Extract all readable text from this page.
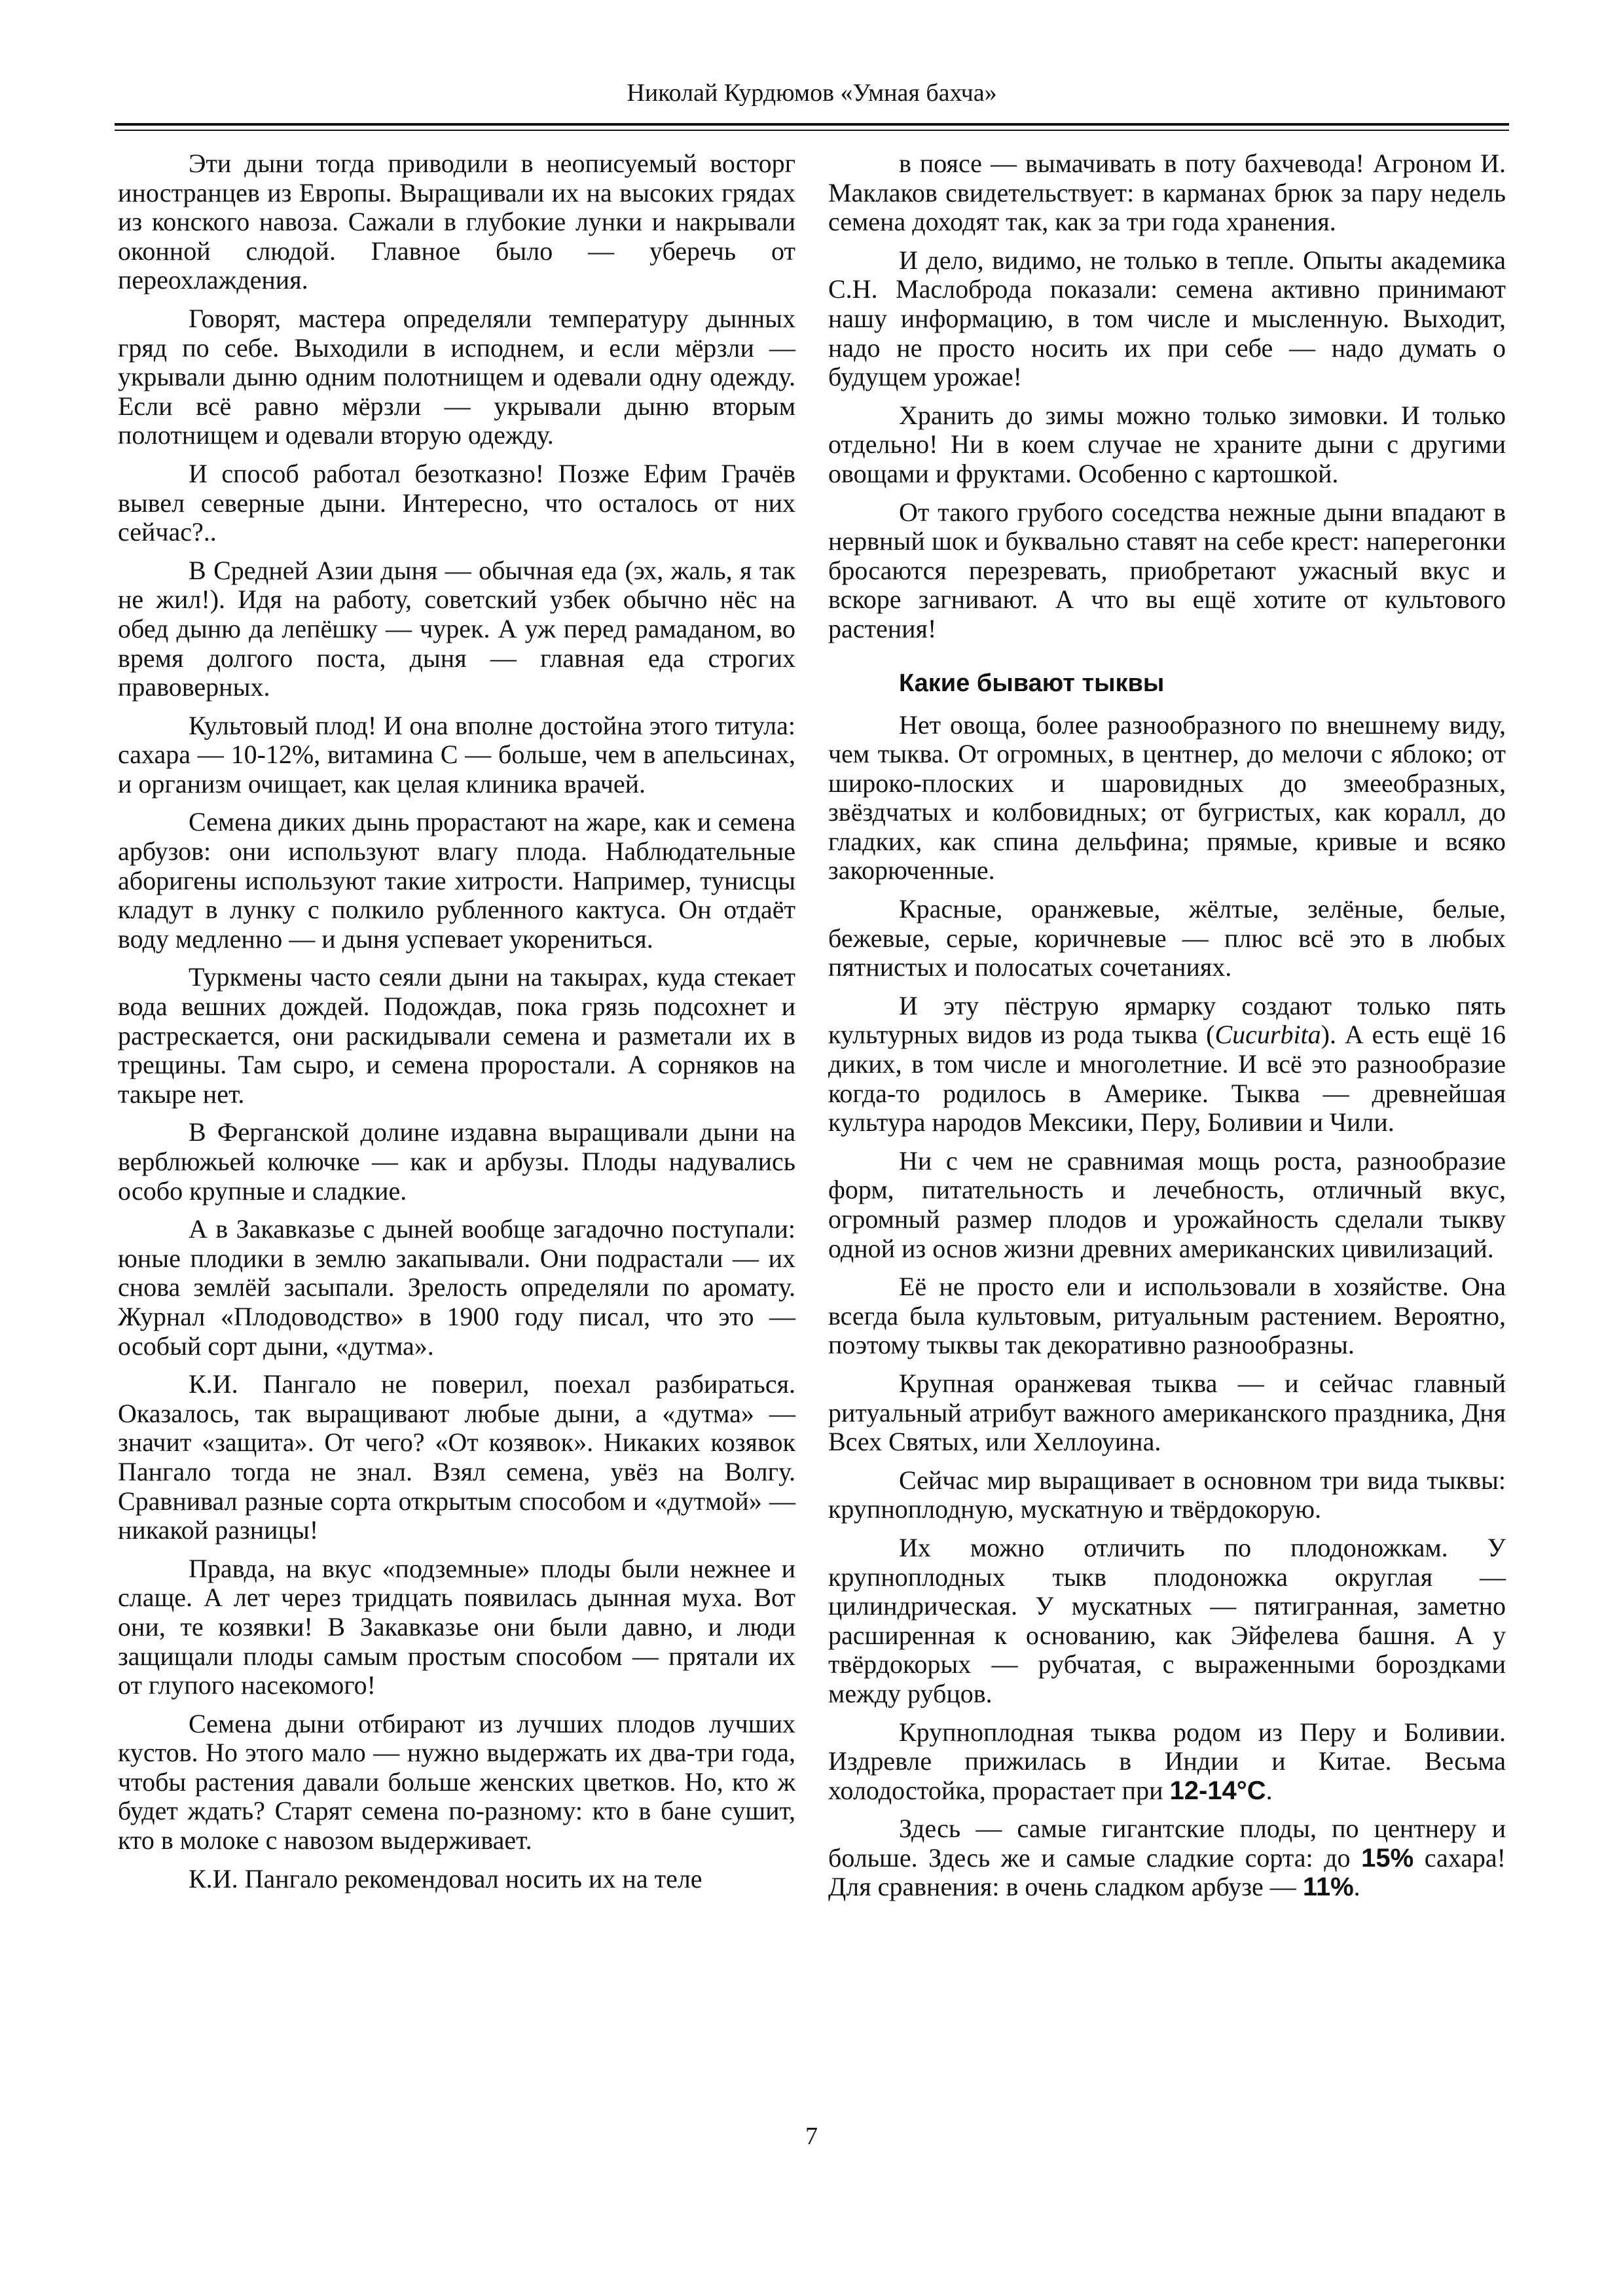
Николай Курдюмов «Умная бахча»

Эти дыни тогда приводили в неописуемый восторг иностранцев из Европы. Выращивали их на высоких грядах из конского навоза. Сажали в глубокие лунки и накрывали оконной слюдой. Главное было — уберечь от переохлаждения.

Говорят, мастера определяли температуру дынных гряд по себе. Выходили в исподнем, и если мёрзли — укрывали дыню одним полотнищем и одевали одну одежду. Если всё равно мёрзли — укрывали дыню вторым полотнищем и одевали вторую одежду.

И способ работал безотказно! Позже Ефим Грачёв вывел северные дыни. Интересно, что осталось от них сейчас?..

В Средней Азии дыня — обычная еда (эх, жаль, я так не жил!). Идя на работу, советский узбек обычно нёс на обед дыню да лепёшку — чурек. А уж перед рамаданом, во время долгого поста, дыня — главная еда строгих правоверных.

Культовый плод! И она вполне достойна этого титула: сахара — 10-12%, витамина С — больше, чем в апельсинах, и организм очищает, как целая клиника врачей.

Семена диких дынь прорастают на жаре, как и семена арбузов: они используют влагу плода. Наблюдательные аборигены используют такие хитрости. Например, тунисцы кладут в лунку с полкило рубленного кактуса. Он отдаёт воду медленно — и дыня успевает укорениться.

Туркмены часто сеяли дыни на такырах, куда стекает вода вешних дождей. Подождав, пока грязь подсохнет и растрескается, они раскидывали семена и разметали их в трещины. Там сыро, и семена проростали. А сорняков на такыре нет.

В Ферганской долине издавна выращивали дыни на верблюжьей колючке — как и арбузы. Плоды надувались особо крупные и сладкие.

А в Закавказье с дыней вообще загадочно поступали: юные плодики в землю закапывали. Они подрастали — их снова землёй засыпали. Зрелость определяли по аромату. Журнал «Плодоводство» в 1900 году писал, что это — особый сорт дыни, «дутма».

К.И. Пангало не поверил, поехал разбираться. Оказалось, так выращивают любые дыни, а «дутма» — значит «защита». От чего? «От козявок». Никаких козявок Пангало тогда не знал. Взял семена, увёз на Волгу. Сравнивал разные сорта открытым способом и «дутмой» — никакой разницы!

Правда, на вкус «подземные» плоды были нежнее и слаще. А лет через тридцать появилась дынная муха. Вот они, те козявки! В Закавказье они были давно, и люди защищали плоды самым простым способом — прятали их от глупого насекомого!

Семена дыни отбирают из лучших плодов лучших кустов. Но этого мало — нужно выдержать их два-три года, чтобы растения давали больше женских цветков. Но, кто ж будет ждать? Старят семена по-разному: кто в бане сушит, кто в молоке с навозом выдерживает.

К.И. Пангало рекомендовал носить их на теле

в поясе — вымачивать в поту бахчевода! Агроном И. Маклаков свидетельствует: в карманах брюк за пару недель семена доходят так, как за три года хранения.

И дело, видимо, не только в тепле. Опыты академика С.Н. Маслоброда показали: семена активно принимают нашу информацию, в том числе и мысленную. Выходит, надо не просто носить их при себе — надо думать о будущем урожае!

Хранить до зимы можно только зимовки. И только отдельно! Ни в коем случае не храните дыни с другими овощами и фруктами. Особенно с картошкой.

От такого грубого соседства нежные дыни впадают в нервный шок и буквально ставят на себе крест: наперегонки бросаются перезревать, приобретают ужасный вкус и вскоре загнивают. А что вы ещё хотите от культового растения!

Какие бывают тыквы

Нет овоща, более разнообразного по внешнему виду, чем тыква. От огромных, в центнер, до мелочи с яблоко; от широко-плоских и шаровидных до змееобразных, звёздчатых и колбовидных; от бугристых, как коралл, до гладких, как спина дельфина; прямые, кривые и всяко закорюченные.

Красные, оранжевые, жёлтые, зелёные, белые, бежевые, серые, коричневые — плюс всё это в любых пятнистых и полосатых сочетаниях.

И эту пёструю ярмарку создают только пять культурных видов из рода тыква (Cucurbita). А есть ещё 16 диких, в том числе и многолетние. И всё это разнообразие когда-то родилось в Америке. Тыква — древнейшая культура народов Мексики, Перу, Боливии и Чили.

Ни с чем не сравнимая мощь роста, разнообразие форм, питательность и лечебность, отличный вкус, огромный размер плодов и урожайность сделали тыкву одной из основ жизни древних американских цивилизаций.

Её не просто ели и использовали в хозяйстве. Она всегда была культовым, ритуальным растением. Вероятно, поэтому тыквы так декоративно разнообразны.

Крупная оранжевая тыква — и сейчас главный ритуальный атрибут важного американского праздника, Дня Всех Святых, или Хеллоуина.

Сейчас мир выращивает в основном три вида тыквы: крупноплодную, мускатную и твёрдокорую.

Их можно отличить по плодоножкам. У крупноплодных тыкв плодоножка округлая — цилиндрическая. У мускатных — пятигранная, заметно расширенная к основанию, как Эйфелева башня. А у твёрдокорых — рубчатая, с выраженными бороздками между рубцов.

Крупноплодная тыква родом из Перу и Боливии. Издревле прижилась в Индии и Китае. Весьма холодостойка, прорастает при 12-14°C.

Здесь — самые гигантские плоды, по центнеру и больше. Здесь же и самые сладкие сорта: до 15% сахара! Для сравнения: в очень сладком арбузе — 11%.

7
